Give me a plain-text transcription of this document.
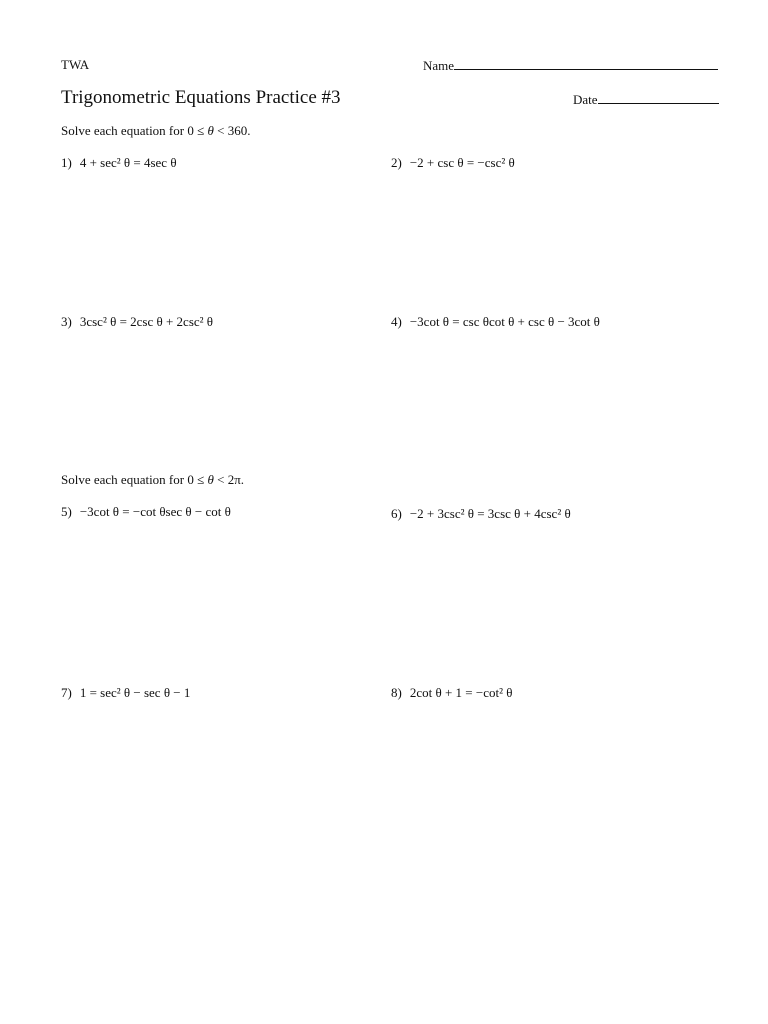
TWA	Name
Trigonometric Equations Practice #3	Date
Solve each equation for 0 ≤ θ < 360.
1) 4 + sec² θ = 4sec θ	2) −2 + csc θ = −csc² θ
3) 3csc² θ = 2csc θ + 2csc² θ	4) −3cot θ = csc θcot θ + csc θ − 3cot θ
Solve each equation for 0 ≤ θ < 2π.
5) −3cot θ = −cot θsec θ − cot θ	6) −2 + 3csc² θ = 3csc θ + 4csc² θ
7) 1 = sec² θ − sec θ − 1	8) 2cot θ + 1 = −cot² θ
